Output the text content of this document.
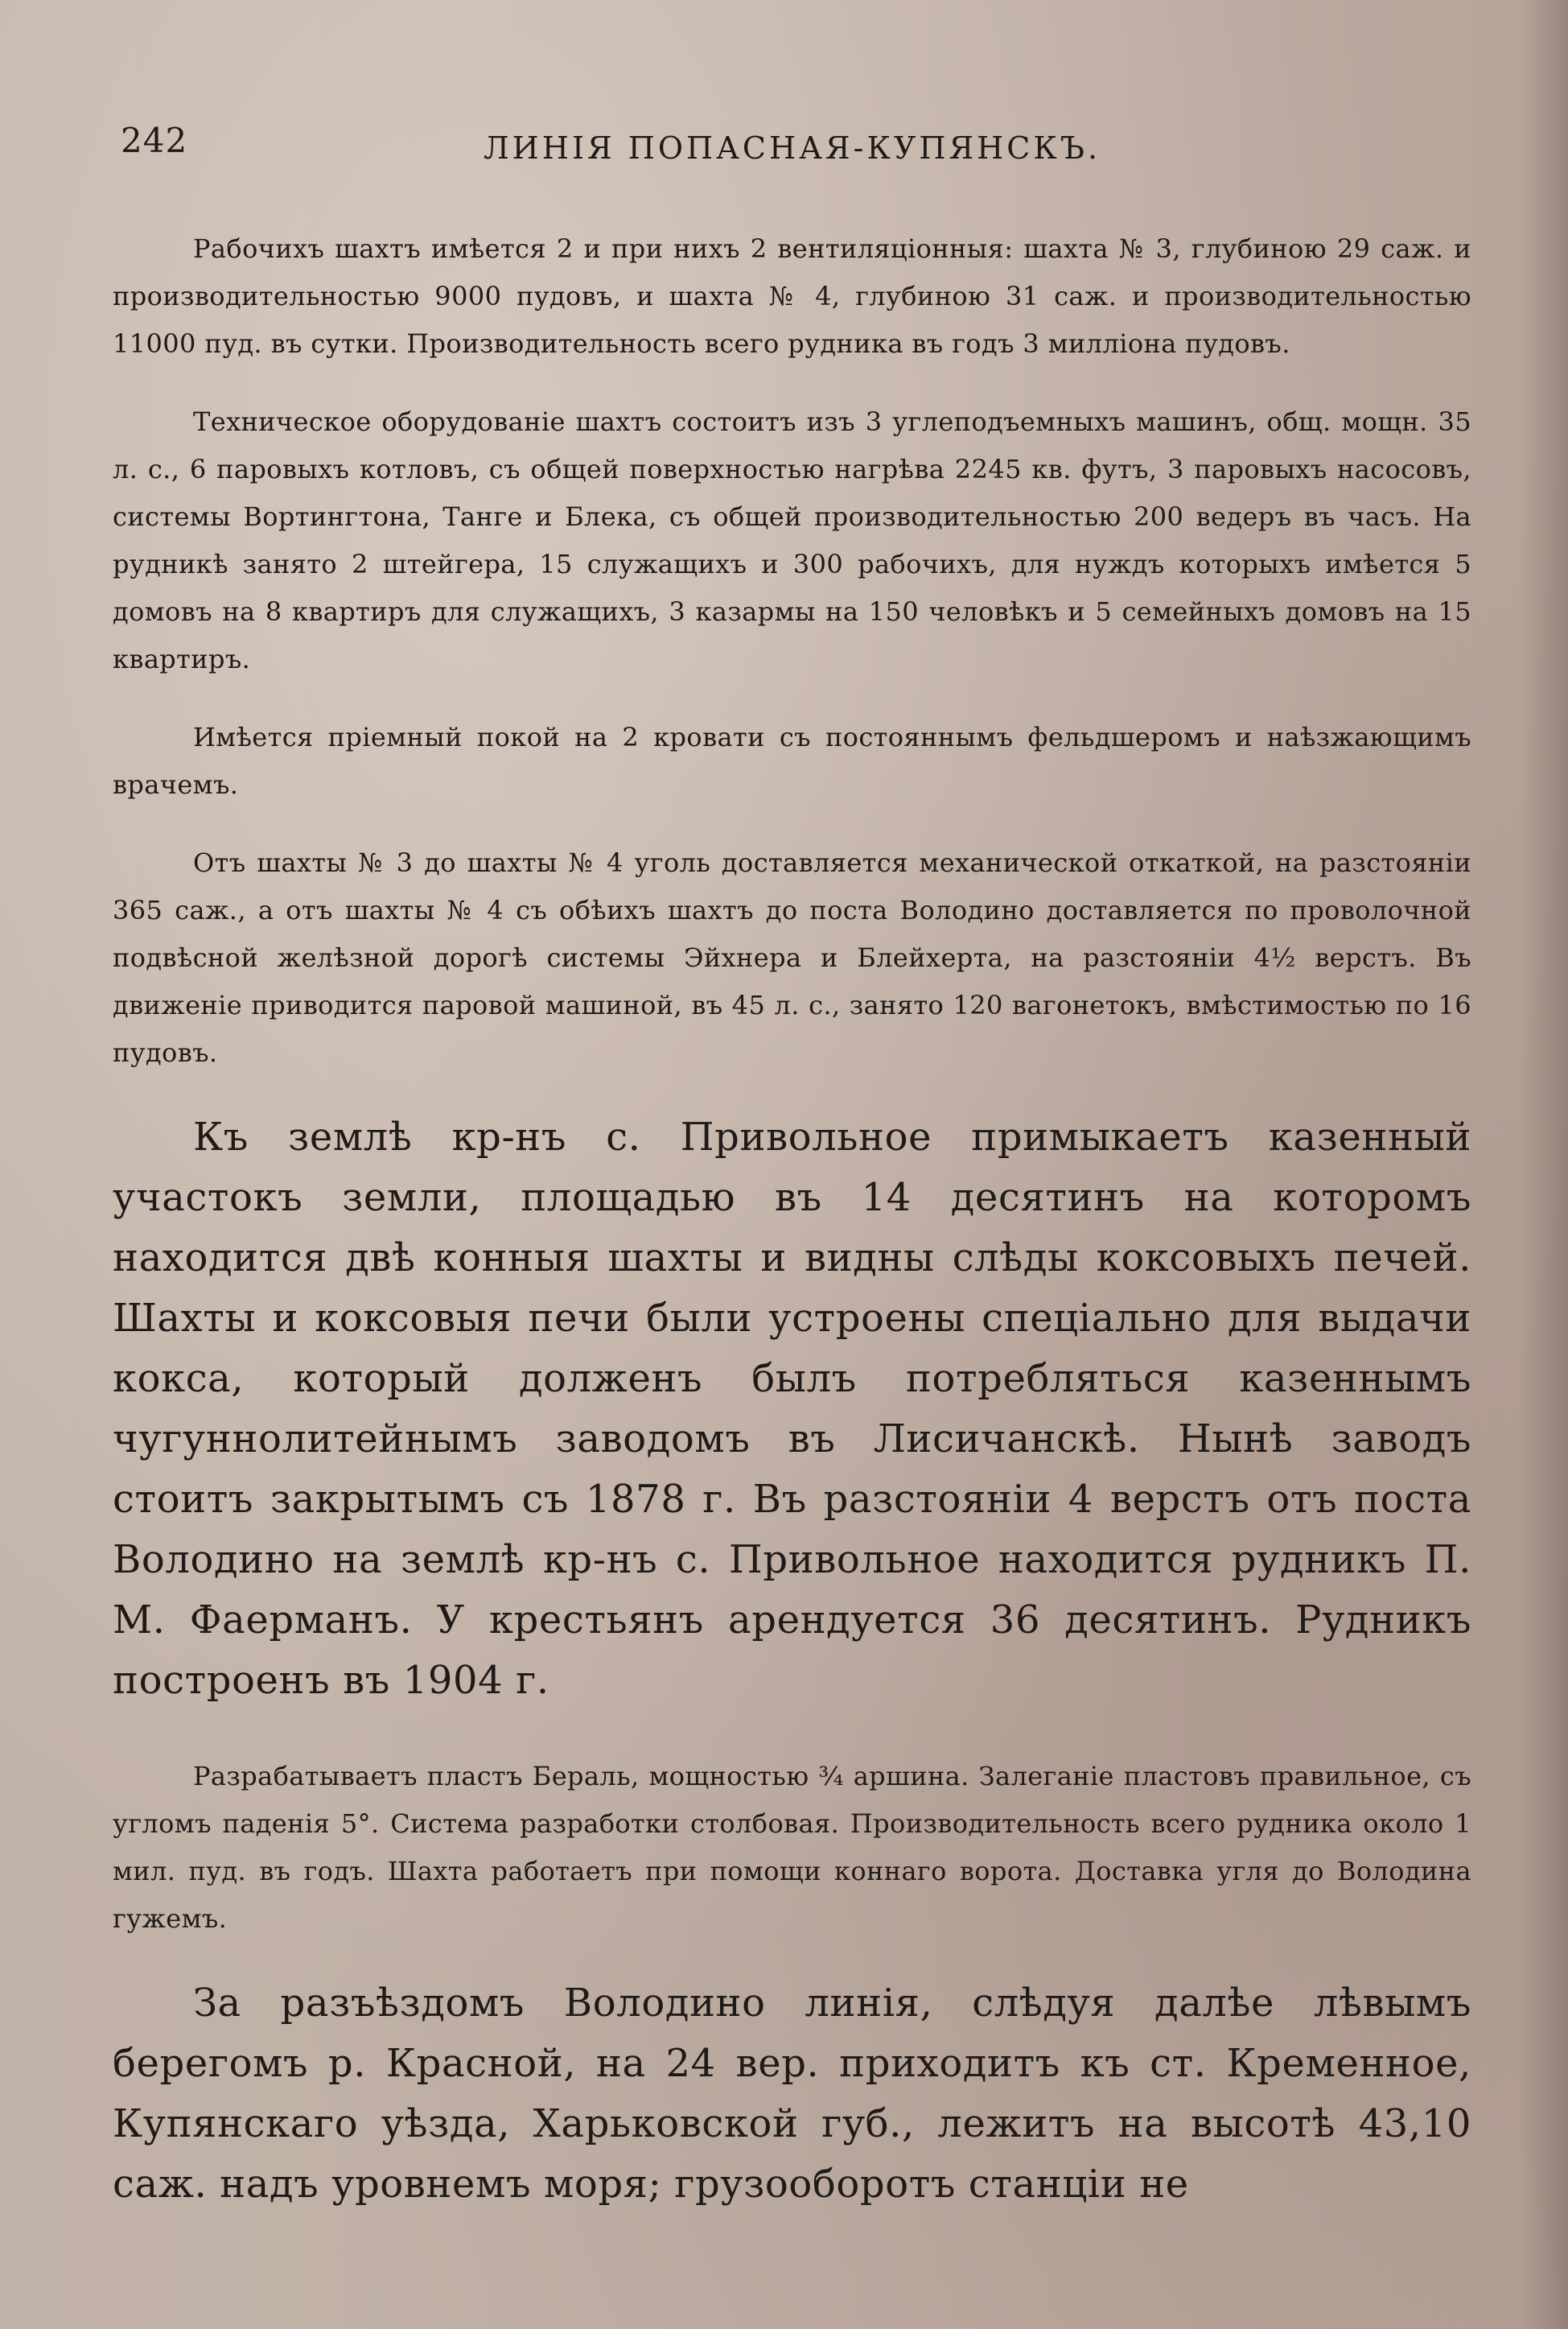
242	ЛИНІЯ ПОПАСНАЯ-КУПЯНСКЪ.

Рабочихъ шахтъ имѣется 2 и при нихъ 2 вентиляціонныя: шахта № 3, глубиною 29 саж. и производительностью 9000 пудовъ, и шахта № 4, глубиною 31 саж. и производительностью 11000 пуд. въ сутки. Производительность всего рудника въ годъ 3 милліона пудовъ.

Техническое оборудованіе шахтъ состоитъ изъ 3 углеподъемныхъ машинъ, общ. мощн. 35 л. с., 6 паровыхъ котловъ, съ общей поверхностью нагрѣва 2245 кв. футъ, 3 паровыхъ насосовъ, системы Вортингтона, Танге и Блека, съ общей производительностью 200 ведеръ въ часъ. На рудникѣ занято 2 штейгера, 15 служащихъ и 300 рабочихъ, для нуждъ которыхъ имѣется 5 домовъ на 8 квартиръ для служащихъ, 3 казармы на 150 человѣкъ и 5 семейныхъ домовъ на 15 квартиръ.

Имѣется пріемный покой на 2 кровати съ постояннымъ фельдшеромъ и наѣзжающимъ врачемъ.

Отъ шахты № 3 до шахты № 4 уголь доставляется механической откаткой, на разстояніи 365 саж., а отъ шахты № 4 съ обѣихъ шахтъ до поста Володино доставляется по проволочной подвѣсной желѣзной дорогѣ системы Эйхнера и Блейхерта, на разстояніи 4½ верстъ. Въ движеніе приводится паровой машиной, въ 45 л. с., занято 120 вагонетокъ, вмѣстимостью по 16 пудовъ.

Къ землѣ кр-нъ с. Привольное примыкаетъ казенный участокъ земли, площадью въ 14 десятинъ на которомъ находится двѣ конныя шахты и видны слѣды коксовыхъ печей. Шахты и коксовыя печи были устроены спеціально для выдачи кокса, который долженъ былъ потребляться казеннымъ чугуннолитейнымъ заводомъ въ Лисичанскѣ. Нынѣ заводъ стоитъ закрытымъ съ 1878 г. Въ разстояніи 4 верстъ отъ поста Володино на землѣ кр-нъ с. Привольное находится рудникъ П. М. Фаерманъ. У крестьянъ арендуется 36 десятинъ. Рудникъ построенъ въ 1904 г.

Разрабатываетъ пластъ Бераль, мощностью ¾ аршина. Залеганіе пластовъ правильное, съ угломъ паденія 5°. Система разработки столбовая. Производительность всего рудника около 1 мил. пуд. въ годъ. Шахта работаетъ при помощи коннаго ворота. Доставка угля до Володина гужемъ.

За разъѣздомъ Володино линія, слѣдуя далѣе лѣвымъ берегомъ р. Красной, на 24 вер. приходитъ къ ст. Кременное, Купянскаго уѣзда, Харьковской губ., лежитъ на высотѣ 43,10 саж. надъ уровнемъ моря; грузооборотъ станціи не
